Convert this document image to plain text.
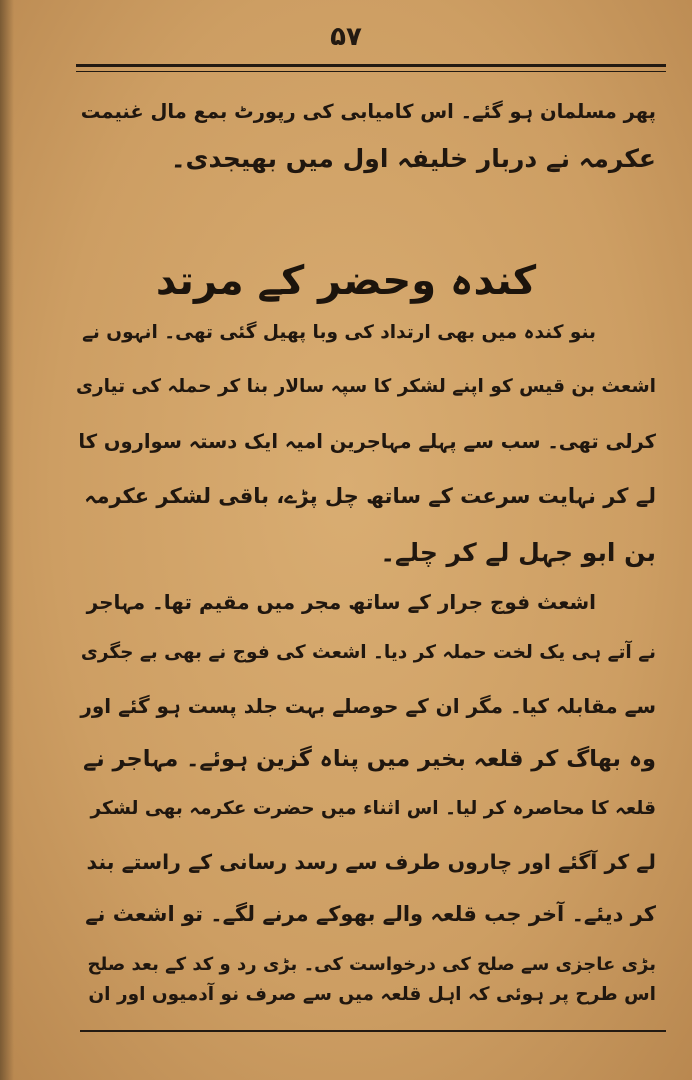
۵۷
پھر مسلمان ہو گئے۔ اس کامیابی کی رپورٹ بمع مال غنیمت
عکرمہ نے دربار خلیفہ اول میں بھیجدی۔
کندہ وحضر کے مرتد
بنو کندہ میں بھی ارتداد کی وبا پھیل گئی تھی۔ انہوں نے
اشعث بن قیس کو اپنے لشکر کا سپہ سالار بنا کر حملہ کی تیاری
کرلی تھی۔ سب سے پہلے مہاجرین امیہ ایک دستہ سواروں کا
لے کر نہایت سرعت کے ساتھ چل پڑے، باقی لشکر عکرمہ
بن ابو جہل لے کر چلے۔
اشعث فوج جرار کے ساتھ مجر میں مقیم تھا۔ مہاجر
نے آتے ہی یک لخت حملہ کر دیا۔ اشعث کی فوج نے بھی بے جگری
سے مقابلہ کیا۔ مگر ان کے حوصلے بہت جلد پست ہو گئے اور
وہ بھاگ کر قلعہ بخیر میں پناہ گزین ہوئے۔ مہاجر نے
قلعہ کا محاصرہ کر لیا۔ اس اثناء میں حضرت عکرمہ بھی لشکر
لے کر آگئے اور چاروں طرف سے رسد رسانی کے راستے بند
کر دیئے۔ آخر جب قلعہ والے بھوکے مرنے لگے۔ تو اشعث نے
بڑی عاجزی سے صلح کی درخواست کی۔ بڑی رد و کد کے بعد صلح
اس طرح پر ہوئی کہ اہل قلعہ میں سے صرف نو آدمیوں اور ان
